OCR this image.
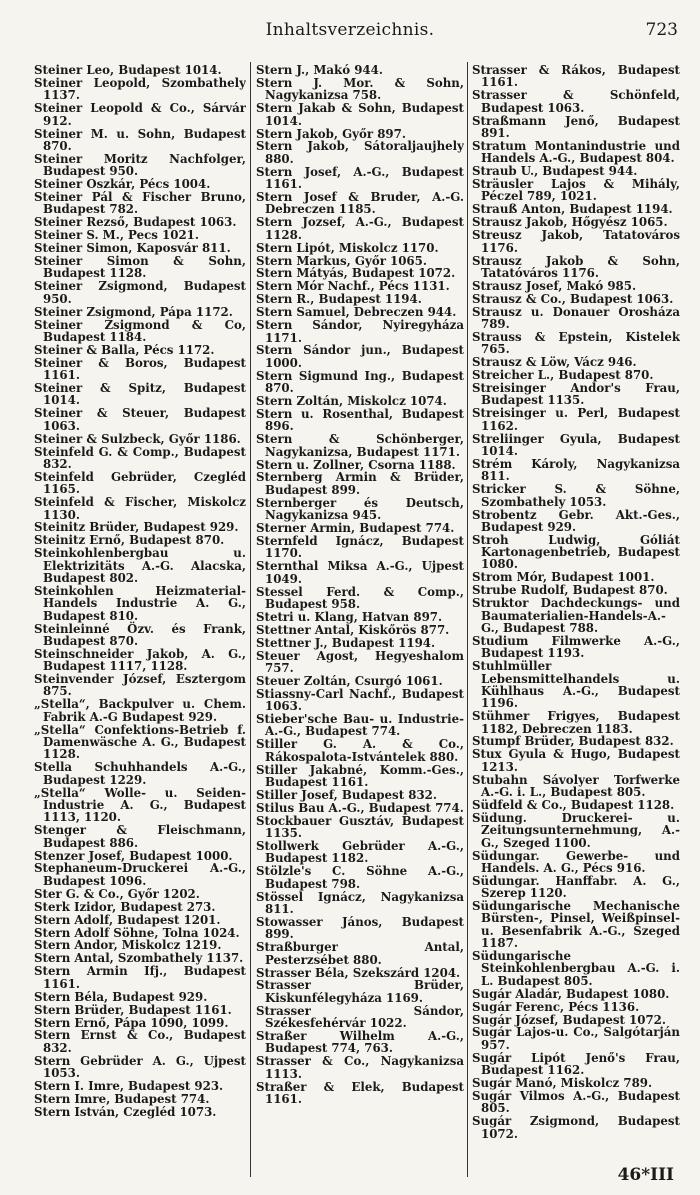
Inhaltsverzeichnis.	723
Steiner Leo, Budapest 1014.
Steiner Leopold, Szombathely 1137.
Steiner Leopold & Co., Sárvár 912.
Steiner M. u. Sohn, Budapest 870.
Steiner Moritz Nachfolger, Budapest 950.
Steiner Oszkár, Pécs 1004.
Steiner Pál & Fischer Bruno, Budapest 782.
Steiner Rezső, Budapest 1063.
Steiner S. M., Pecs 1021.
Steiner Simon, Kaposvár 811.
Steiner Simon & Sohn, Budapest 1128.
Steiner Zsigmond, Budapest 950.
Steiner Zsigmond, Pápa 1172.
Steiner Zsigmond & Co, Budapest 1184.
Steiner & Balla, Pécs 1172.
Steiner & Boros, Budapest 1161.
Steiner & Spitz, Budapest 1014.
Steiner & Steuer, Budapest 1063.
Steiner & Sulzbeck, Győr 1186.
Steinfeld G. & Comp., Budapest 832.
Steinfeld Gebrüder, Czegléd 1165.
Steinfeld & Fischer, Miskolcz 1130.
Steinitz Brüder, Budapest 929.
Steinitz Ernő, Budapest 870.
Steinkohlenbergbau u. Elektrizitäts A.-G. Alacska, Budapest 802.
Steinkohlen Heizmaterial-Handels Industrie A. G., Budapest 810.
Steinleinné Özv. és Frank, Budapest 870.
Steinschneider Jakob, A. G., Budapest 1117, 1128.
Steinvender József, Esztergom 875.
„Stella“, Backpulver u. Chem. Fabrik A.-G Budapest 929.
„Stella“ Confektions-Betrieb f. Damenwäsche A. G., Budapest 1128.
Stella Schuhhandels A.-G., Budapest 1229.
„Stella“ Wolle- u. Seiden-Industrie A. G., Budapest 1113, 1120.
Stenger & Fleischmann, Budapest 886.
Stenzer Josef, Budapest 1000.
Stephaneum-Druckerei A.-G., Budapest 1096.
Ster G. & Co., Győr 1202.
Sterk Izidor, Budapest 273.
Stern Adolf, Budapest 1201.
Stern Adolf Söhne, Tolna 1024.
Stern Andor, Miskolcz 1219.
Stern Antal, Szombathely 1137.
Stern Armin Ifj., Budapest 1161.
Stern Béla, Budapest 929.
Stern Brüder, Budapest 1161.
Stern Ernő, Pápa 1090, 1099.
Stern Ernst & Co., Budapest 832.
Stern Gebrüder A. G., Ujpest 1053.
Stern I. Imre, Budapest 923.
Stern Imre, Budapest 774.
Stern István, Czegléd 1073.
Stern J., Makó 944.
Stern J. Mor. & Sohn, Nagykanizsa 758.
Stern Jakab & Sohn, Budapest 1014.
Stern Jakob, Győr 897.
Stern Jakob, Sátoraljaujhely 880.
Stern Josef, A.-G., Budapest 1161.
Stern Josef & Bruder, A.-G. Debreczen 1185.
Stern Jozsef, A.-G., Budapest 1128.
Stern Lipót, Miskolcz 1170.
Stern Markus, Győr 1065.
Stern Mátyás, Budapest 1072.
Stern Mór Nachf., Pécs 1131.
Stern R., Budapest 1194.
Stern Samuel, Debreczen 944.
Stern Sándor, Nyiregyháza 1171.
Stern Sándor jun., Budapest 1000.
Stern Sigmund Ing., Budapest 870.
Stern Zoltán, Miskolcz 1074.
Stern u. Rosenthal, Budapest 896.
Stern & Schönberger, Nagykanizsa, Budapest 1171.
Stern u. Zollner, Csorna 1188.
Sternberg Armin & Brüder, Budapest 899.
Sternberger és Deutsch, Nagykanizsa 945.
Sterner Armin, Budapest 774.
Sternfeld Ignácz, Budapest 1170.
Sternthal Miksa A.-G., Ujpest 1049.
Stessel Ferd. & Comp., Budapest 958.
Stetri u. Klang, Hatvan 897.
Stettner Antal, Kiskőrös 877.
Stettner J., Budapest 1194.
Steuer Agost, Hegyeshalom 757.
Steuer Zoltán, Csurgó 1061.
Stiassny-Carl Nachf., Budapest 1063.
Stieber'sche Bau- u. Industrie-A.-G., Budapest 774.
Stiller G. A. & Co., Rákospalota-Istvántelek 880.
Stiller Jakabné, Komm.-Ges., Budapest 1161.
Stiller Josef, Budapest 832.
Stilus Bau A.-G., Budapest 774.
Stockbauer Gusztáv, Budapest 1135.
Stollwerk Gebrüder A.-G., Budapest 1182.
Stölzle's C. Söhne A.-G., Budapest 798.
Stössel Ignácz, Nagykanizsa 811.
Stowasser János, Budapest 899.
Straßburger Antal, Pesterzsébet 880.
Strasser Béla, Szekszárd 1204.
Strasser Brüder, Kiskunfélegyháza 1169.
Strasser Sándor, Székesfehérvár 1022.
Straßer Wilhelm A.-G., Budapest 774, 763.
Strasser & Co., Nagykanizsa 1113.
Straßer & Elek, Budapest 1161.
Strasser & Rákos, Budapest 1161.
Strasser & Schönfeld, Budapest 1063.
Straßmann Jenő, Budapest 891.
Stratum Montanindustrie und Handels A.-G., Budapest 804.
Straub U., Budapest 944.
Sträusler Lajos & Mihály, Péczel 789, 1021.
Strauß Anton, Budapest 1194.
Strausz Jakob, Hőgyész 1065.
Streusz Jakob, Tatatováros 1176.
Strausz Jakob & Sohn, Tatatóváros 1176.
Strausz Josef, Makó 985.
Strausz & Co., Budapest 1063.
Strausz u. Donauer Orosháza 789.
Strauss & Epstein, Kistelek 765.
Strausz & Löw, Vácz 946.
Streicher L., Budapest 870.
Streisinger Andor's Frau, Budapest 1135.
Streisinger u. Perl, Budapest 1162.
Streliinger Gyula, Budapest 1014.
Strém Károly, Nagykanizsa 811.
Stricker S. & Söhne, Szombathely 1053.
Strobentz Gebr. Akt.-Ges., Budapest 929.
Stroh Ludwig, Góliát Kartonagenbetrieb, Budapest 1080.
Strom Mór, Budapest 1001.
Strube Rudolf, Budapest 870.
Struktor Dachdeckungs- und Baumaterialien-Handels-A.-G., Budapest 788.
Studium Filmwerke A.-G., Budapest 1193.
Stuhlmüller Lebensmittelhandels u. Kühlhaus A.-G., Budapest 1196.
Stühmer Frigyes, Budapest 1182, Debreczen 1183.
Stumpf Brüder, Budapest 832.
Stux Gyula & Hugo, Budapest 1213.
Stubahn Sávolyer Torfwerke A.-G. i. L., Budapest 805.
Südfeld & Co., Budapest 1128.
Südung. Druckerei- u. Zeitungsunternehmung, A.-G., Szeged 1100.
Südungar. Gewerbe- und Handels. A. G., Pécs 916.
Südungar. Hanffabr. A. G., Szerep 1120.
Südungarische Mechanische Bürsten-, Pinsel, Weißpinsel- u. Besenfabrik A.-G., Szeged 1187.
Südungarische Steinkohlenbergbau A.-G. i. L. Budapest 805.
Sugár Aladár, Budapest 1080.
Sugár Ferenc, Pécs 1136.
Sugár József, Budapest 1072.
Sugár Lajos-u. Co., Salgótarján 957.
Sugár Lipót Jenő's Frau, Budapest 1162.
Sugár Manó, Miskolcz 789.
Sugár Vilmos A.-G., Budapest 805.
Sugár Zsigmond, Budapest 1072.
46*III
